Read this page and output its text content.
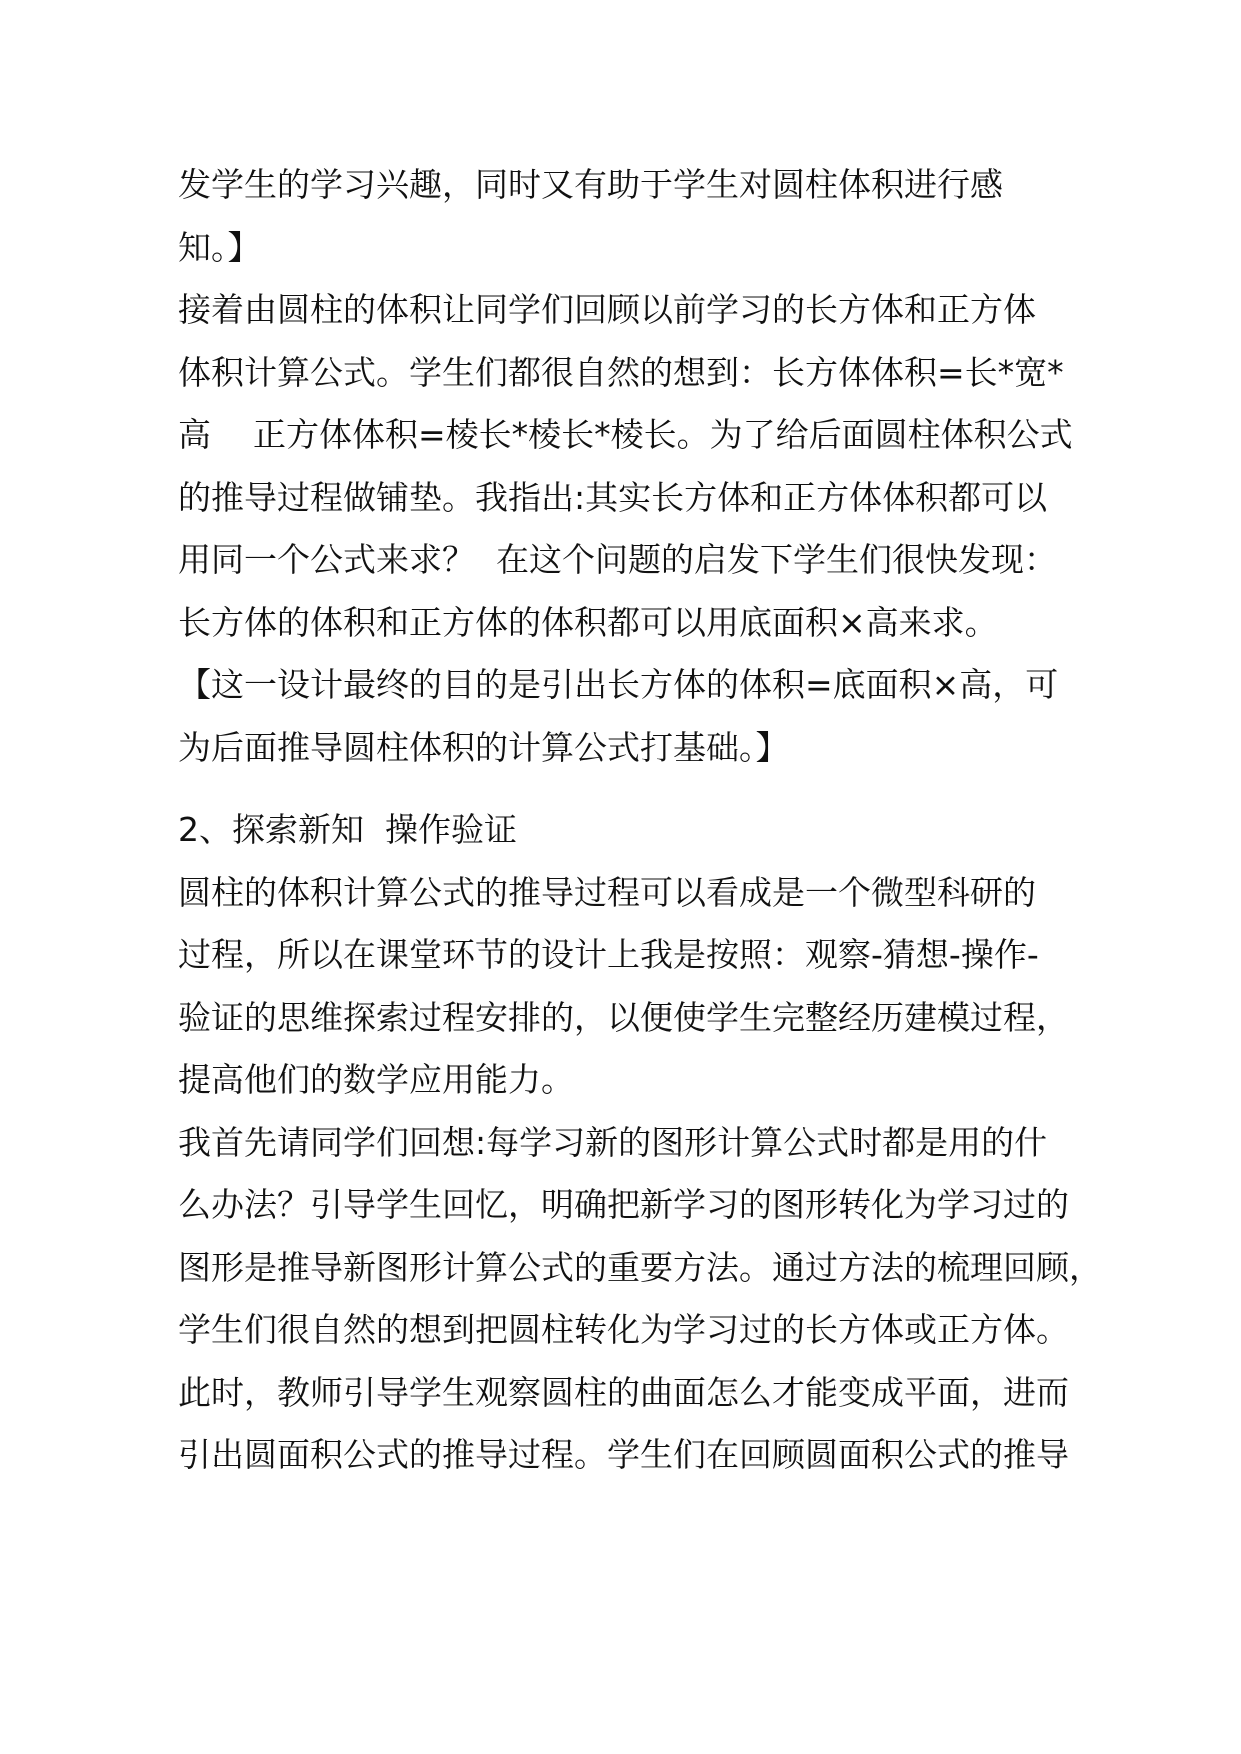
发学生的学习兴趣，同时又有助于学生对圆柱体积进行感
知。】
接着由圆柱的体积让同学们回顾以前学习的长方体和正方体
体积计算公式。学生们都很自然的想到：长方体体积=长*宽*
高    正方体体积=棱长*棱长*棱长。为了给后面圆柱体积公式
的推导过程做铺垫。我指出:其实长方体和正方体体积都可以
用同一个公式来求？  在这个问题的启发下学生们很快发现：
长方体的体积和正方体的体积都可以用底面积×高来求。
【这一设计最终的目的是引出长方体的体积=底面积×高，可
为后面推导圆柱体积的计算公式打基础。】
2、探索新知  操作验证
圆柱的体积计算公式的推导过程可以看成是一个微型科研的
过程，所以在课堂环节的设计上我是按照：观察-猜想-操作-
验证的思维探索过程安排的，以便使学生完整经历建模过程，
提高他们的数学应用能力。
我首先请同学们回想:每学习新的图形计算公式时都是用的什
么办法？引导学生回忆，明确把新学习的图形转化为学习过的
图形是推导新图形计算公式的重要方法。通过方法的梳理回顾，
学生们很自然的想到把圆柱转化为学习过的长方体或正方体。
此时，教师引导学生观察圆柱的曲面怎么才能变成平面，进而
引出圆面积公式的推导过程。学生们在回顾圆面积公式的推导
